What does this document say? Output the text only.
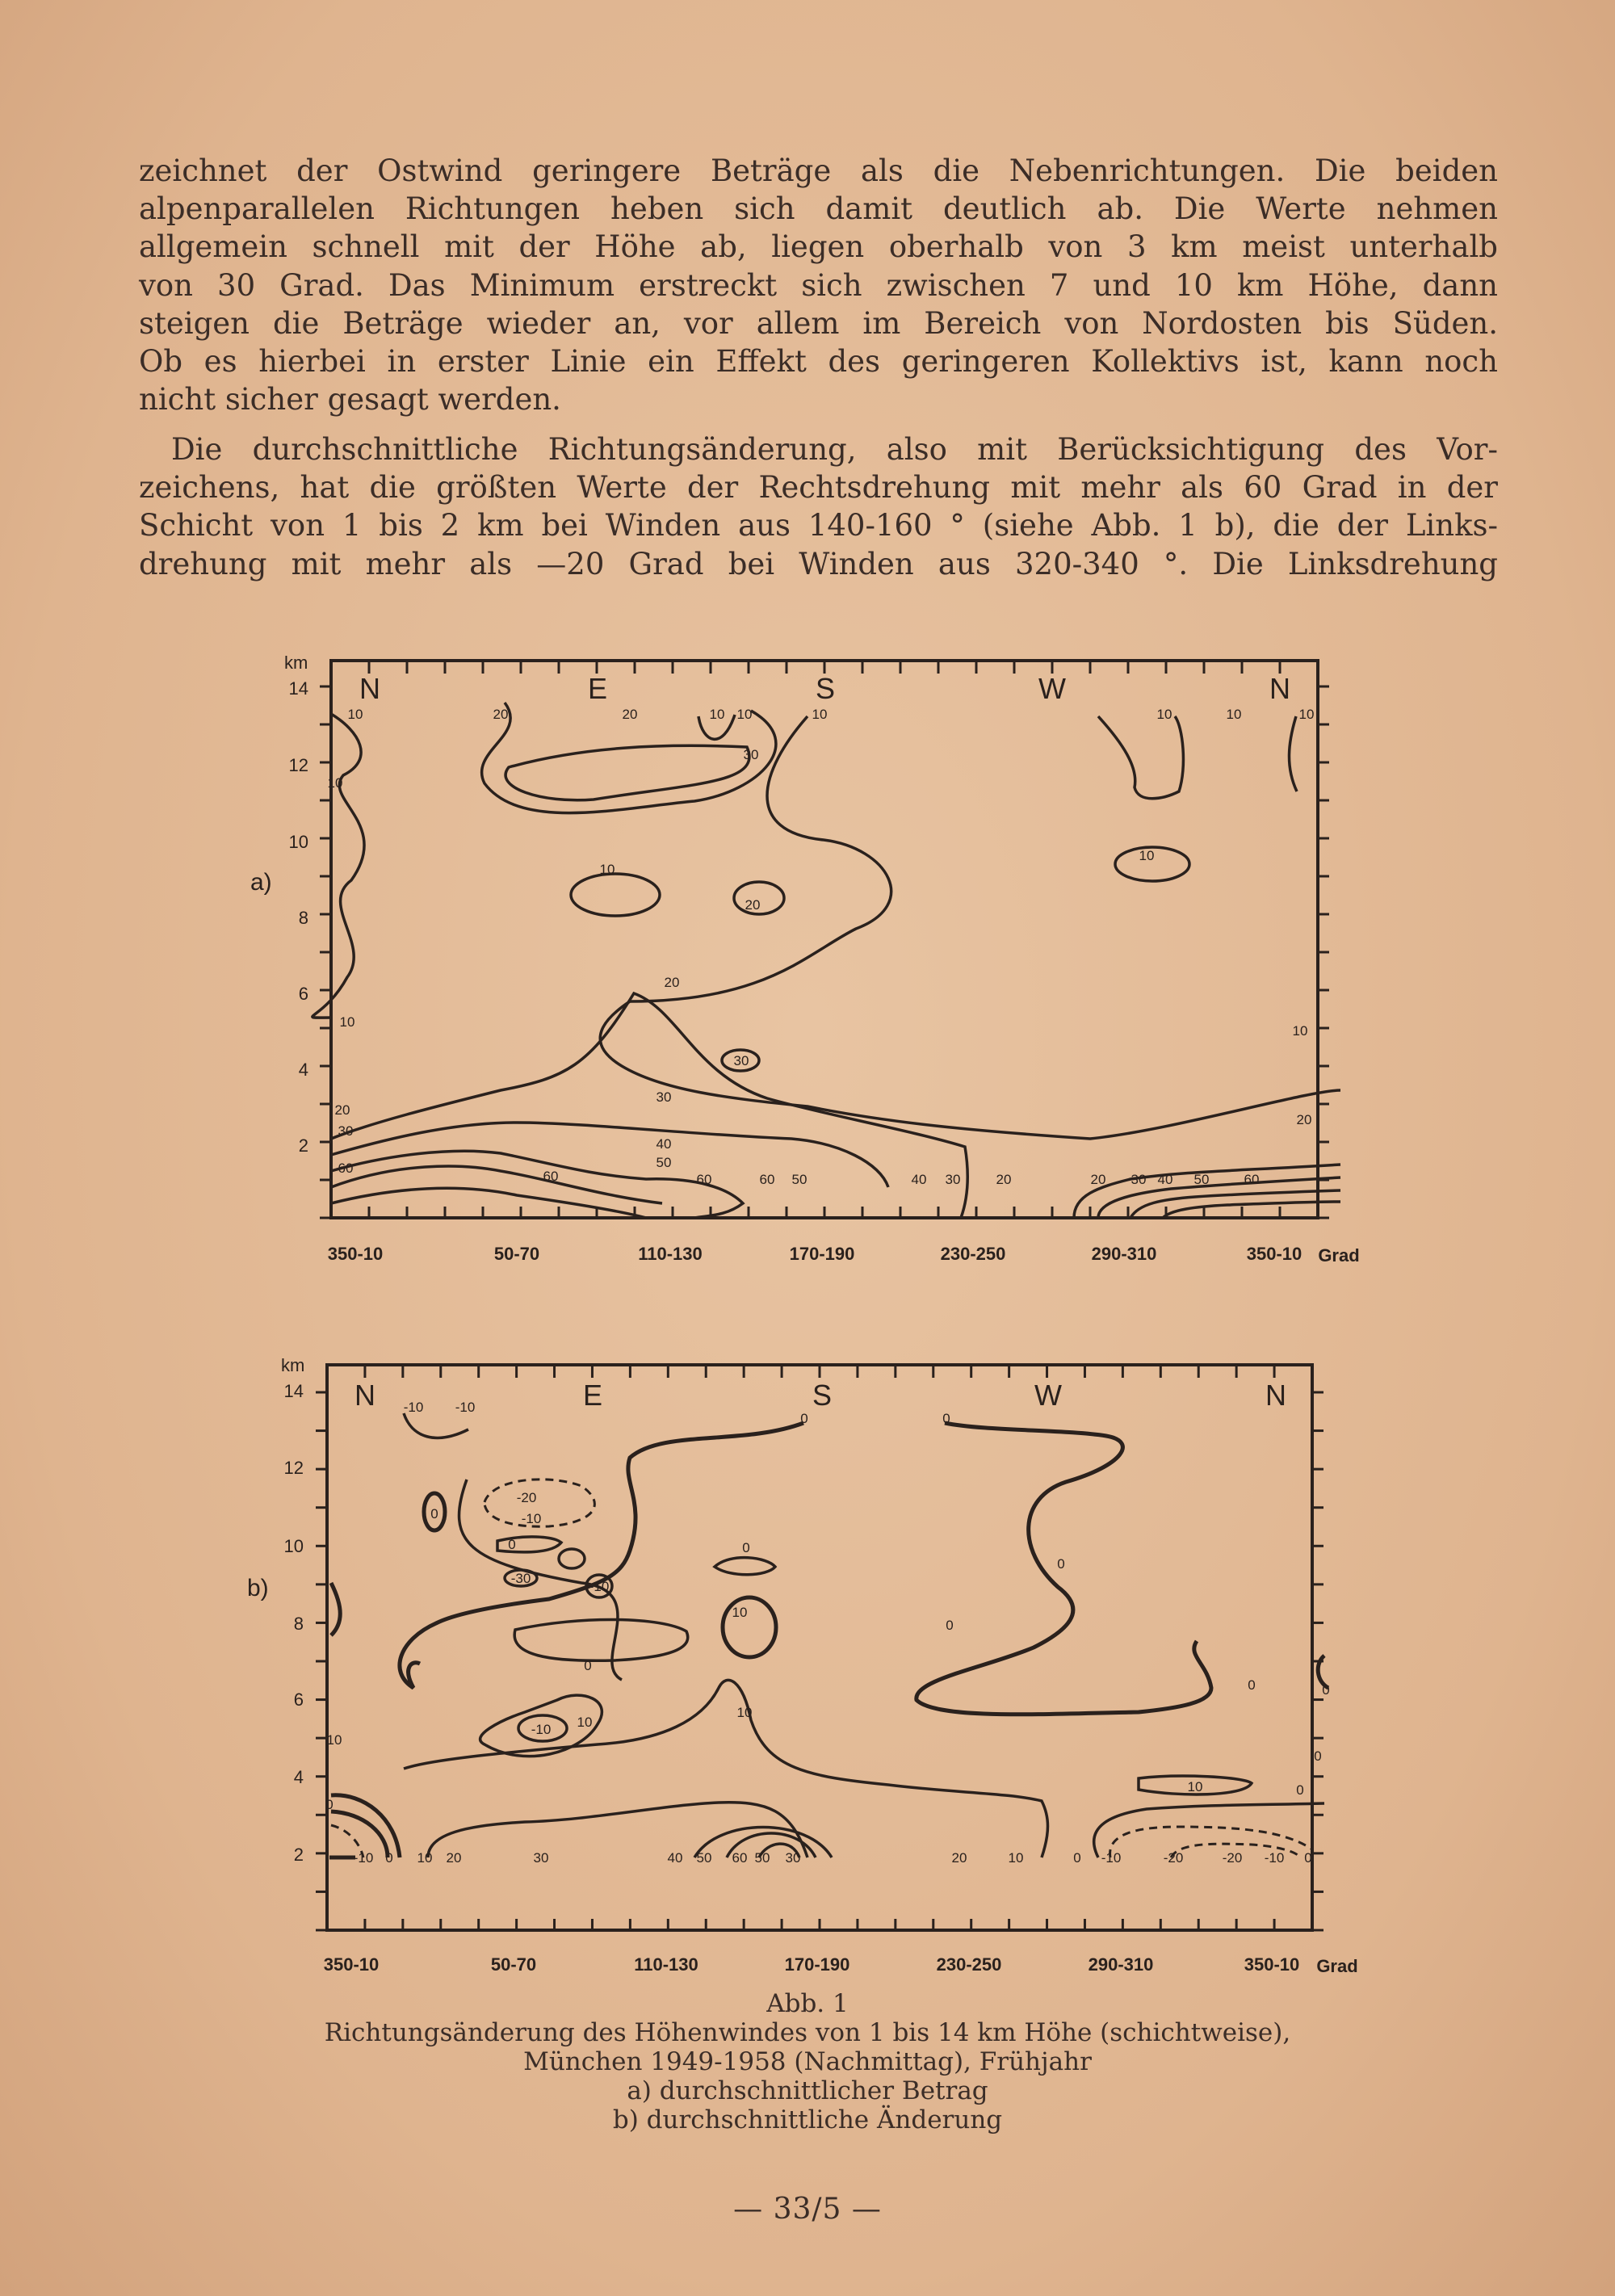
zeichnet der Ostwind geringere Beträge als die Nebenrichtungen. Die beiden
alpenparallelen Richtungen heben sich damit deutlich ab. Die Werte nehmen
allgemein schnell mit der Höhe ab, liegen oberhalb von 3 km meist unterhalb
von 30 Grad. Das Minimum erstreckt sich zwischen 7 und 10 km Höhe, dann
steigen die Beträge wieder an, vor allem im Bereich von Nordosten bis Süden.
Ob es hierbei in erster Linie ein Effekt des geringeren Kollektivs ist, kann noch
nicht sicher gesagt werden.
Die durchschnittliche Richtungsänderung, also mit Berücksichtigung des Vor-
zeichens, hat die größten Werte der Rechtsdrehung mit mehr als 60 Grad in der
Schicht von 1 bis 2 km bei Winden aus 140-160 ° (siehe Abb. 1 b), die der Links-
drehung mit mehr als —20 Grad bei Winden aus 320-340 °. Die Linksdrehung
10	20	20	10 10	10	10	10	10
30
10
10
20
10
20
30
10
30
20
30
60
60
40
50
60	60 50	40 30	20	20 30 40 50	60
20
10
km
a)
14
12
10
8
6
4
2
N	E	S	W	N
350-10	50-70	110-130	170-190	230-250	290-310	350-10 Grad
-10 -10
0	0
0
-20
-10
0
-10
-30
0
10
0
0
0	0
10
10
-10
0
10	0
-10 0 10 20	30	40 50 60 50 30	20	10	0 -10	-20	-20 -10 0
0
10
0
km
b)
14
12
10
8
6
4
2
N	E	S	W	N
350-10	50-70	110-130	170-190	230-250	290-310	350-10 Grad
Abb. 1
Richtungsänderung des Höhenwindes von 1 bis 14 km Höhe (schichtweise),
München 1949-1958 (Nachmittag), Frühjahr
a) durchschnittlicher Betrag
b) durchschnittliche Änderung
— 33/5 —
